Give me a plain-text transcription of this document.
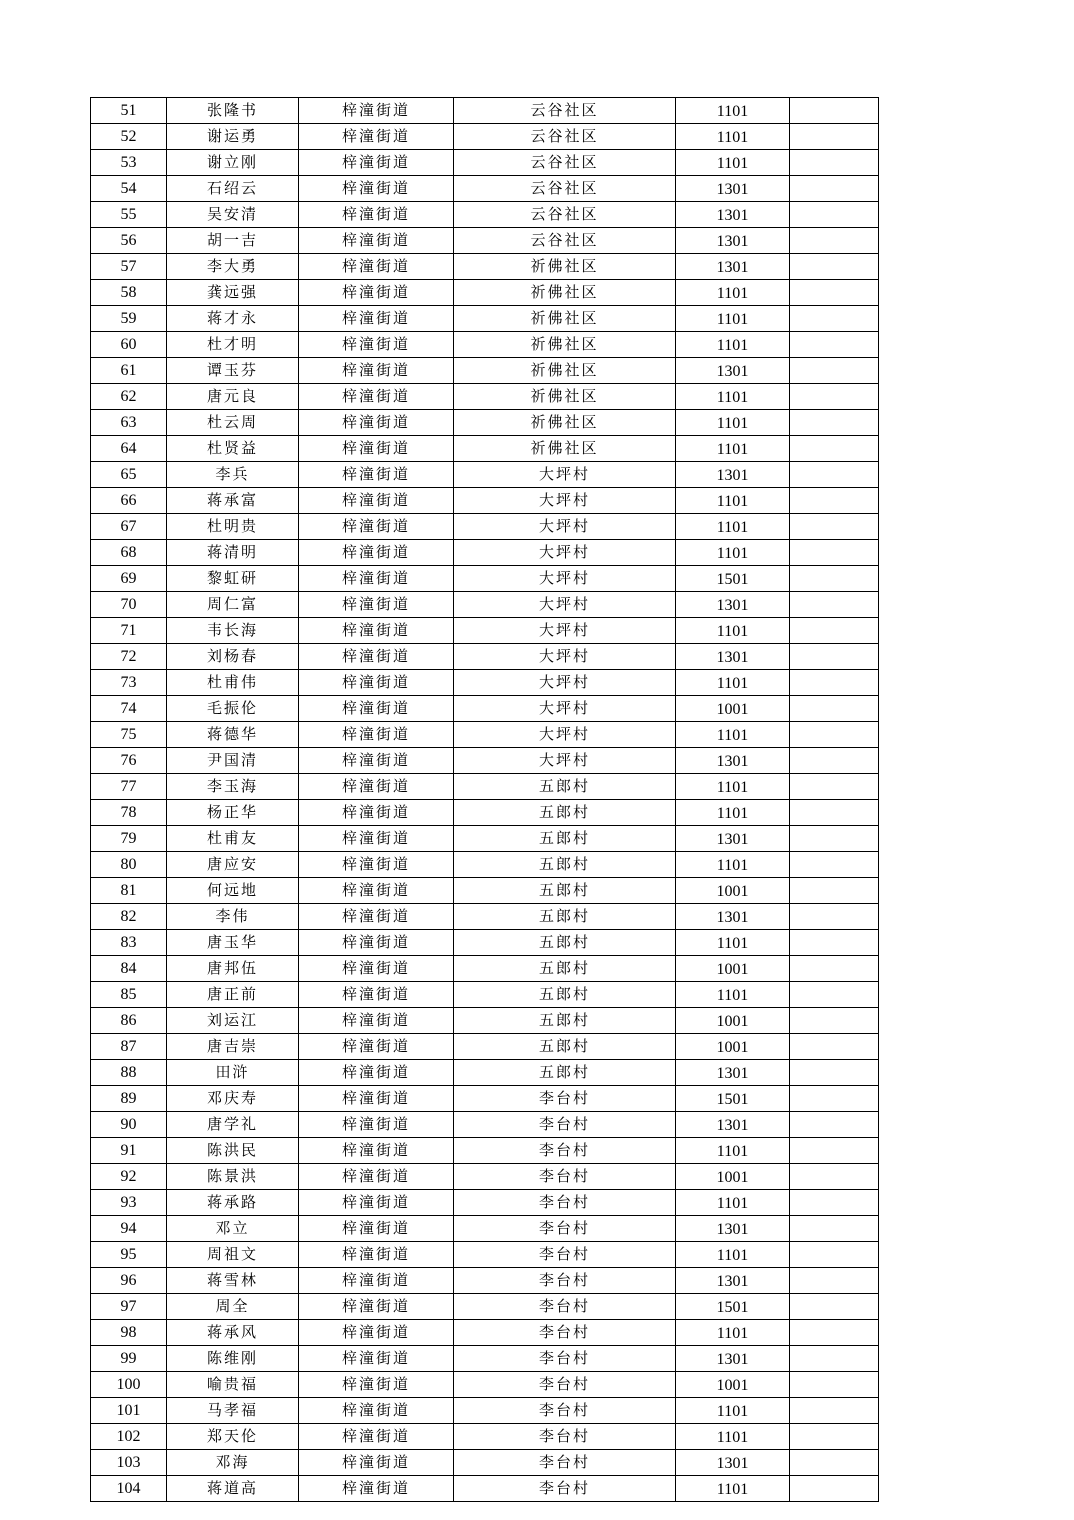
51	张隆书	梓潼街道	云谷社区	1101	
52	谢运勇	梓潼街道	云谷社区	1101	
53	谢立刚	梓潼街道	云谷社区	1101	
54	石绍云	梓潼街道	云谷社区	1301	
55	吴安清	梓潼街道	云谷社区	1301	
56	胡一吉	梓潼街道	云谷社区	1301	
57	李大勇	梓潼街道	祈佛社区	1301	
58	龚远强	梓潼街道	祈佛社区	1101	
59	蒋才永	梓潼街道	祈佛社区	1101	
60	杜才明	梓潼街道	祈佛社区	1101	
61	谭玉芬	梓潼街道	祈佛社区	1301	
62	唐元良	梓潼街道	祈佛社区	1101	
63	杜云周	梓潼街道	祈佛社区	1101	
64	杜贤益	梓潼街道	祈佛社区	1101	
65	李兵	梓潼街道	大坪村	1301	
66	蒋承富	梓潼街道	大坪村	1101	
67	杜明贵	梓潼街道	大坪村	1101	
68	蒋清明	梓潼街道	大坪村	1101	
69	黎虹研	梓潼街道	大坪村	1501	
70	周仁富	梓潼街道	大坪村	1301	
71	韦长海	梓潼街道	大坪村	1101	
72	刘杨春	梓潼街道	大坪村	1301	
73	杜甫伟	梓潼街道	大坪村	1101	
74	毛振伦	梓潼街道	大坪村	1001	
75	蒋德华	梓潼街道	大坪村	1101	
76	尹国清	梓潼街道	大坪村	1301	
77	李玉海	梓潼街道	五郎村	1101	
78	杨正华	梓潼街道	五郎村	1101	
79	杜甫友	梓潼街道	五郎村	1301	
80	唐应安	梓潼街道	五郎村	1101	
81	何远地	梓潼街道	五郎村	1001	
82	李伟	梓潼街道	五郎村	1301	
83	唐玉华	梓潼街道	五郎村	1101	
84	唐邦伍	梓潼街道	五郎村	1001	
85	唐正前	梓潼街道	五郎村	1101	
86	刘运江	梓潼街道	五郎村	1001	
87	唐吉崇	梓潼街道	五郎村	1001	
88	田浒	梓潼街道	五郎村	1301	
89	邓庆寿	梓潼街道	李台村	1501	
90	唐学礼	梓潼街道	李台村	1301	
91	陈洪民	梓潼街道	李台村	1101	
92	陈景洪	梓潼街道	李台村	1001	
93	蒋承路	梓潼街道	李台村	1101	
94	邓立	梓潼街道	李台村	1301	
95	周祖文	梓潼街道	李台村	1101	
96	蒋雪林	梓潼街道	李台村	1301	
97	周全	梓潼街道	李台村	1501	
98	蒋承风	梓潼街道	李台村	1101	
99	陈维刚	梓潼街道	李台村	1301	
100	喻贵福	梓潼街道	李台村	1001	
101	马孝福	梓潼街道	李台村	1101	
102	郑天伦	梓潼街道	李台村	1101	
103	邓海	梓潼街道	李台村	1301	
104	蒋道高	梓潼街道	李台村	1101	
